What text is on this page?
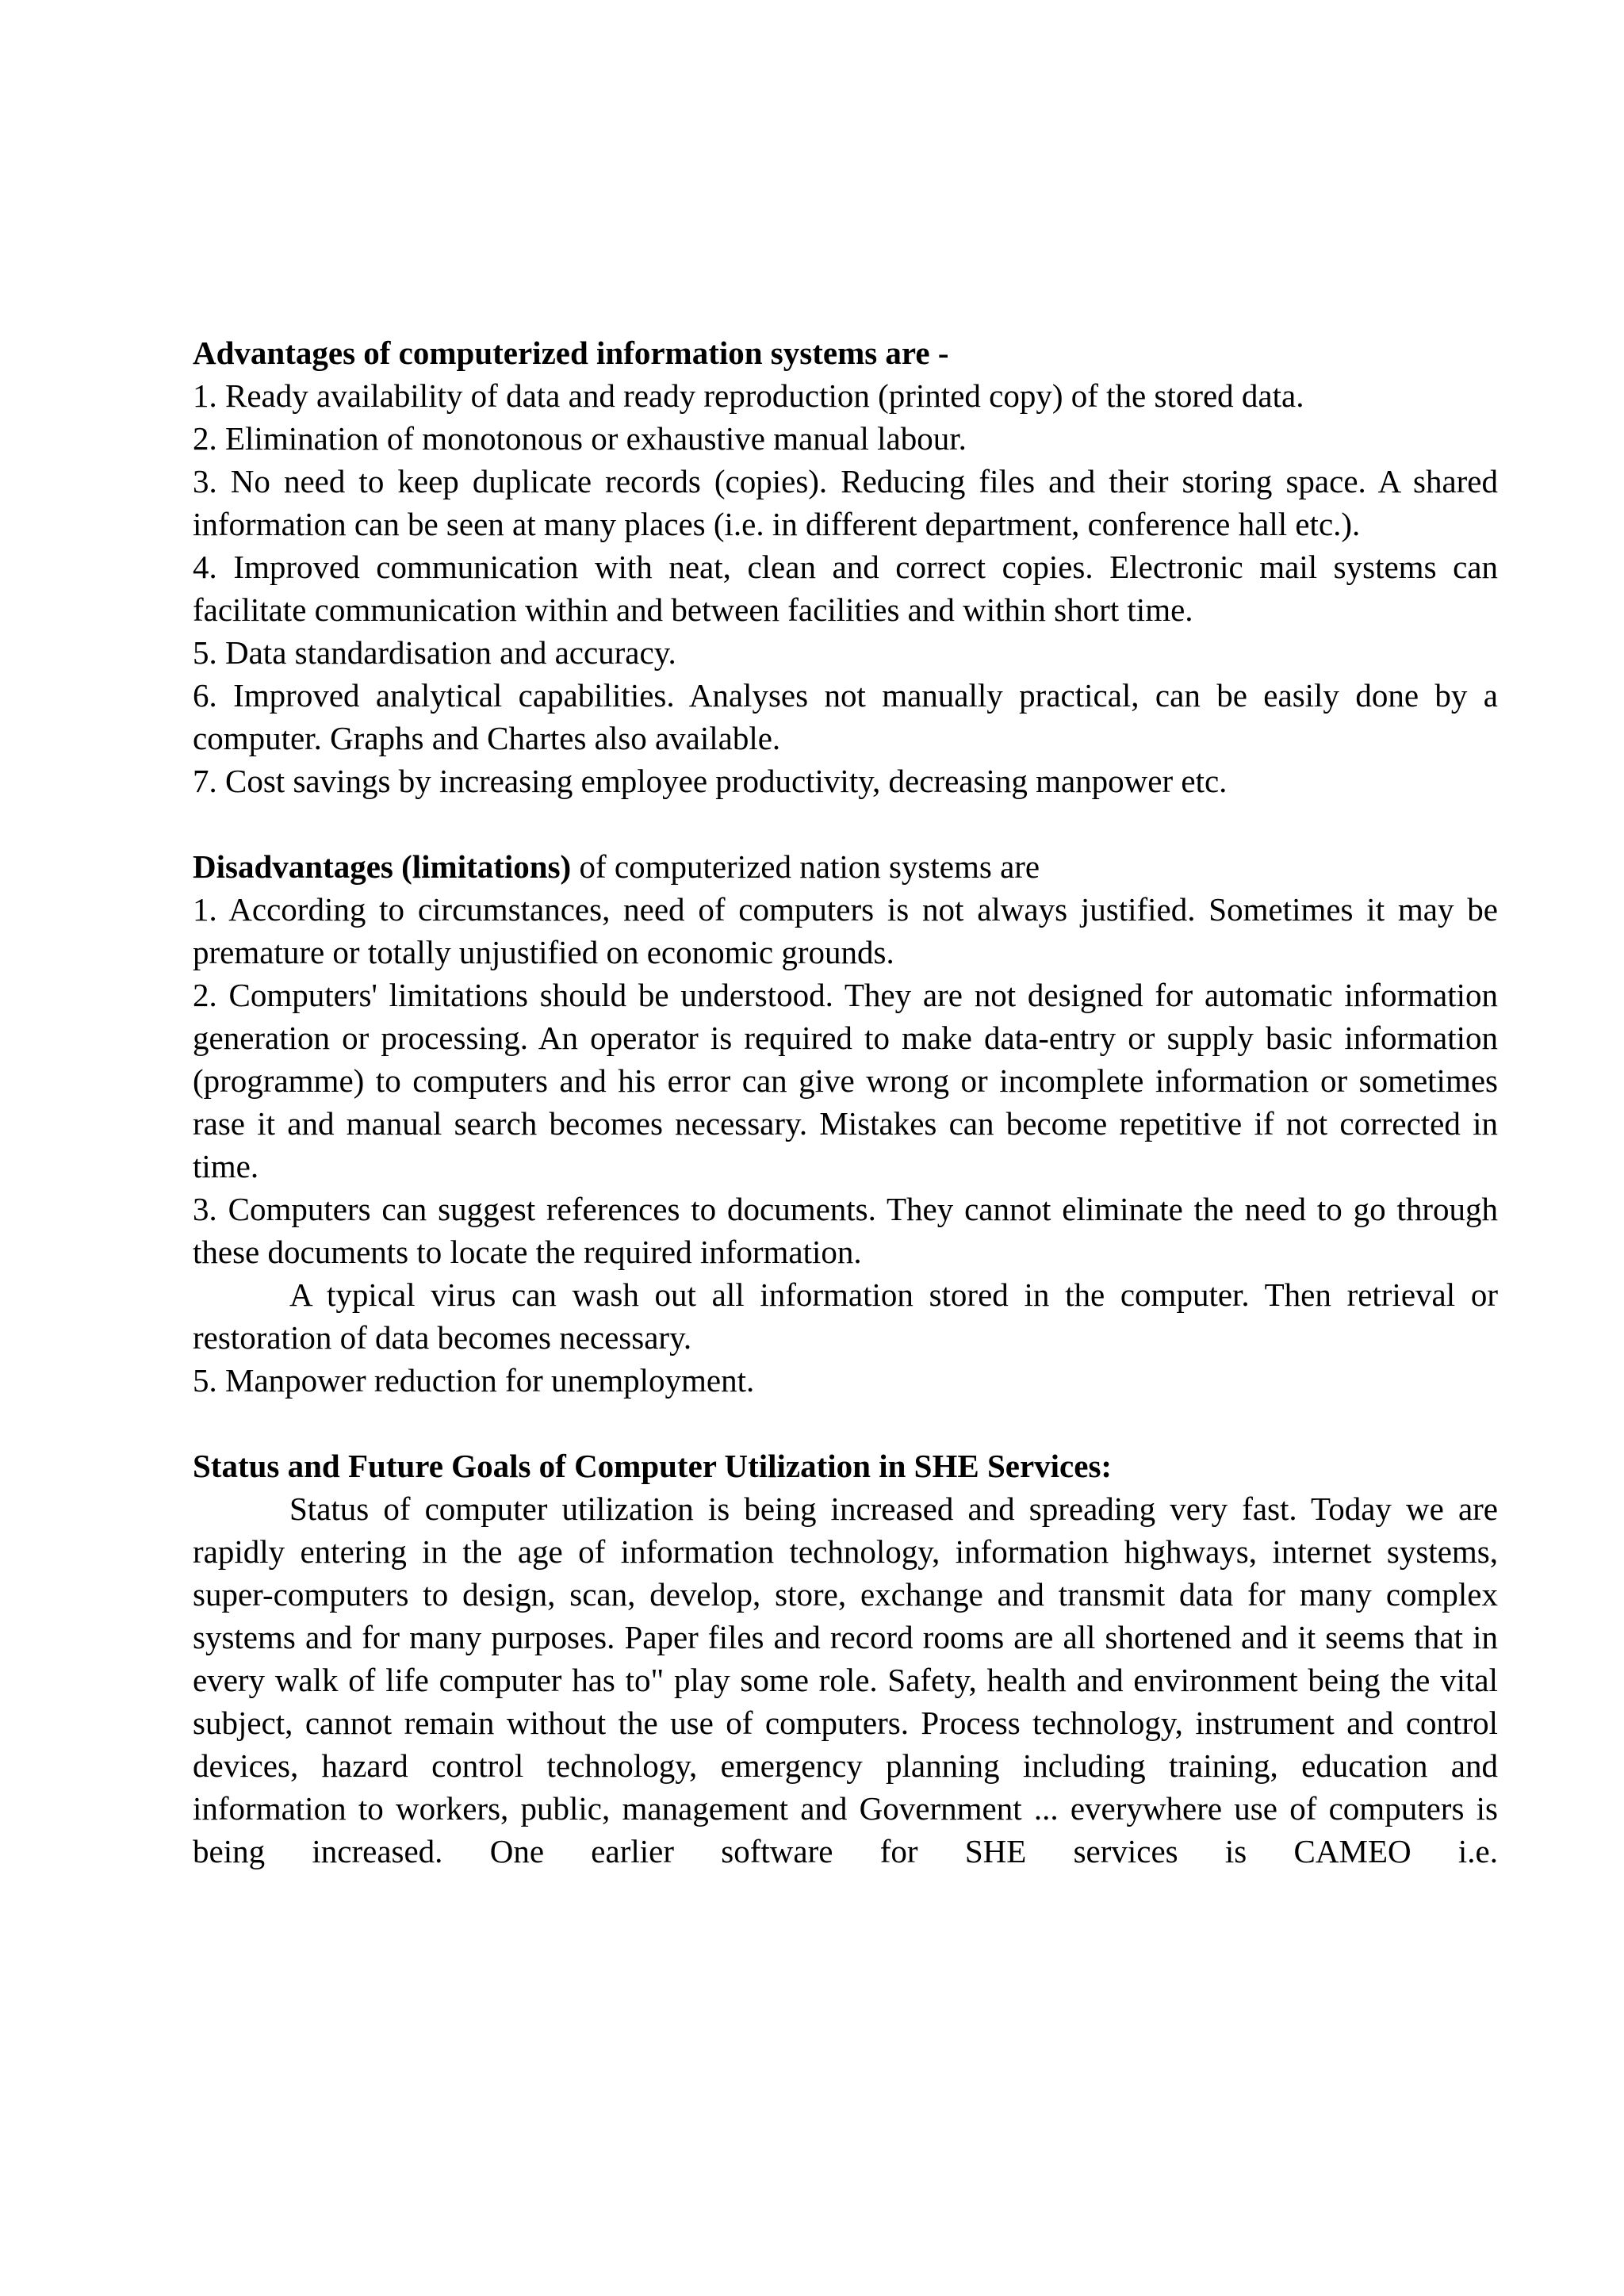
Advantages of computerized information systems are -

1. Ready availability of data and ready reproduction (printed copy) of the stored data.

2. Elimination of monotonous or exhaustive manual labour.

3. No need to keep duplicate records (copies). Reducing files and their storing space. A shared information can be seen at many places (i.e. in different department, conference hall etc.).

4. Improved communication with neat, clean and correct copies. Electronic mail systems can facilitate communication within and between facilities and within short time.

5. Data standardisation and accuracy.

6. Improved analytical capabilities. Analyses not manually practical, can be easily done by a computer. Graphs and Chartes also available.

7. Cost savings by increasing employee productivity, decreasing manpower etc.

Disadvantages (limitations) of computerized nation systems are

1. According to circumstances, need of computers is not always justified. Sometimes it may be premature or totally unjustified on economic grounds.

2. Computers' limitations should be understood. They are not designed for automatic information generation or processing. An operator is required to make data-entry or supply basic information (programme) to computers and his error can give wrong or incomplete information or sometimes rase it and manual search becomes necessary. Mistakes can become repetitive if not corrected in time.

3. Computers can suggest references to documents. They cannot eliminate the need to go through these documents to locate the required information.

A typical virus can wash out all information stored in the computer. Then retrieval or restoration of data becomes necessary.

5. Manpower reduction for unemployment.

Status and Future Goals of Computer Utilization in SHE Services:

Status of computer utilization is being increased and spreading very fast. Today we are rapidly entering in the age of information technology, information highways, internet systems, super-computers to design, scan, develop, store, exchange and transmit data for many complex systems and for many purposes. Paper files and record rooms are all shortened and it seems that in every walk of life computer has to" play some role. Safety, health and environment being the vital subject, cannot remain without the use of computers. Process technology, instrument and control devices, hazard control technology, emergency planning including training, education and information to workers, public, management and Government ... everywhere use of computers is being increased. One earlier software for SHE services is CAMEO i.e.
